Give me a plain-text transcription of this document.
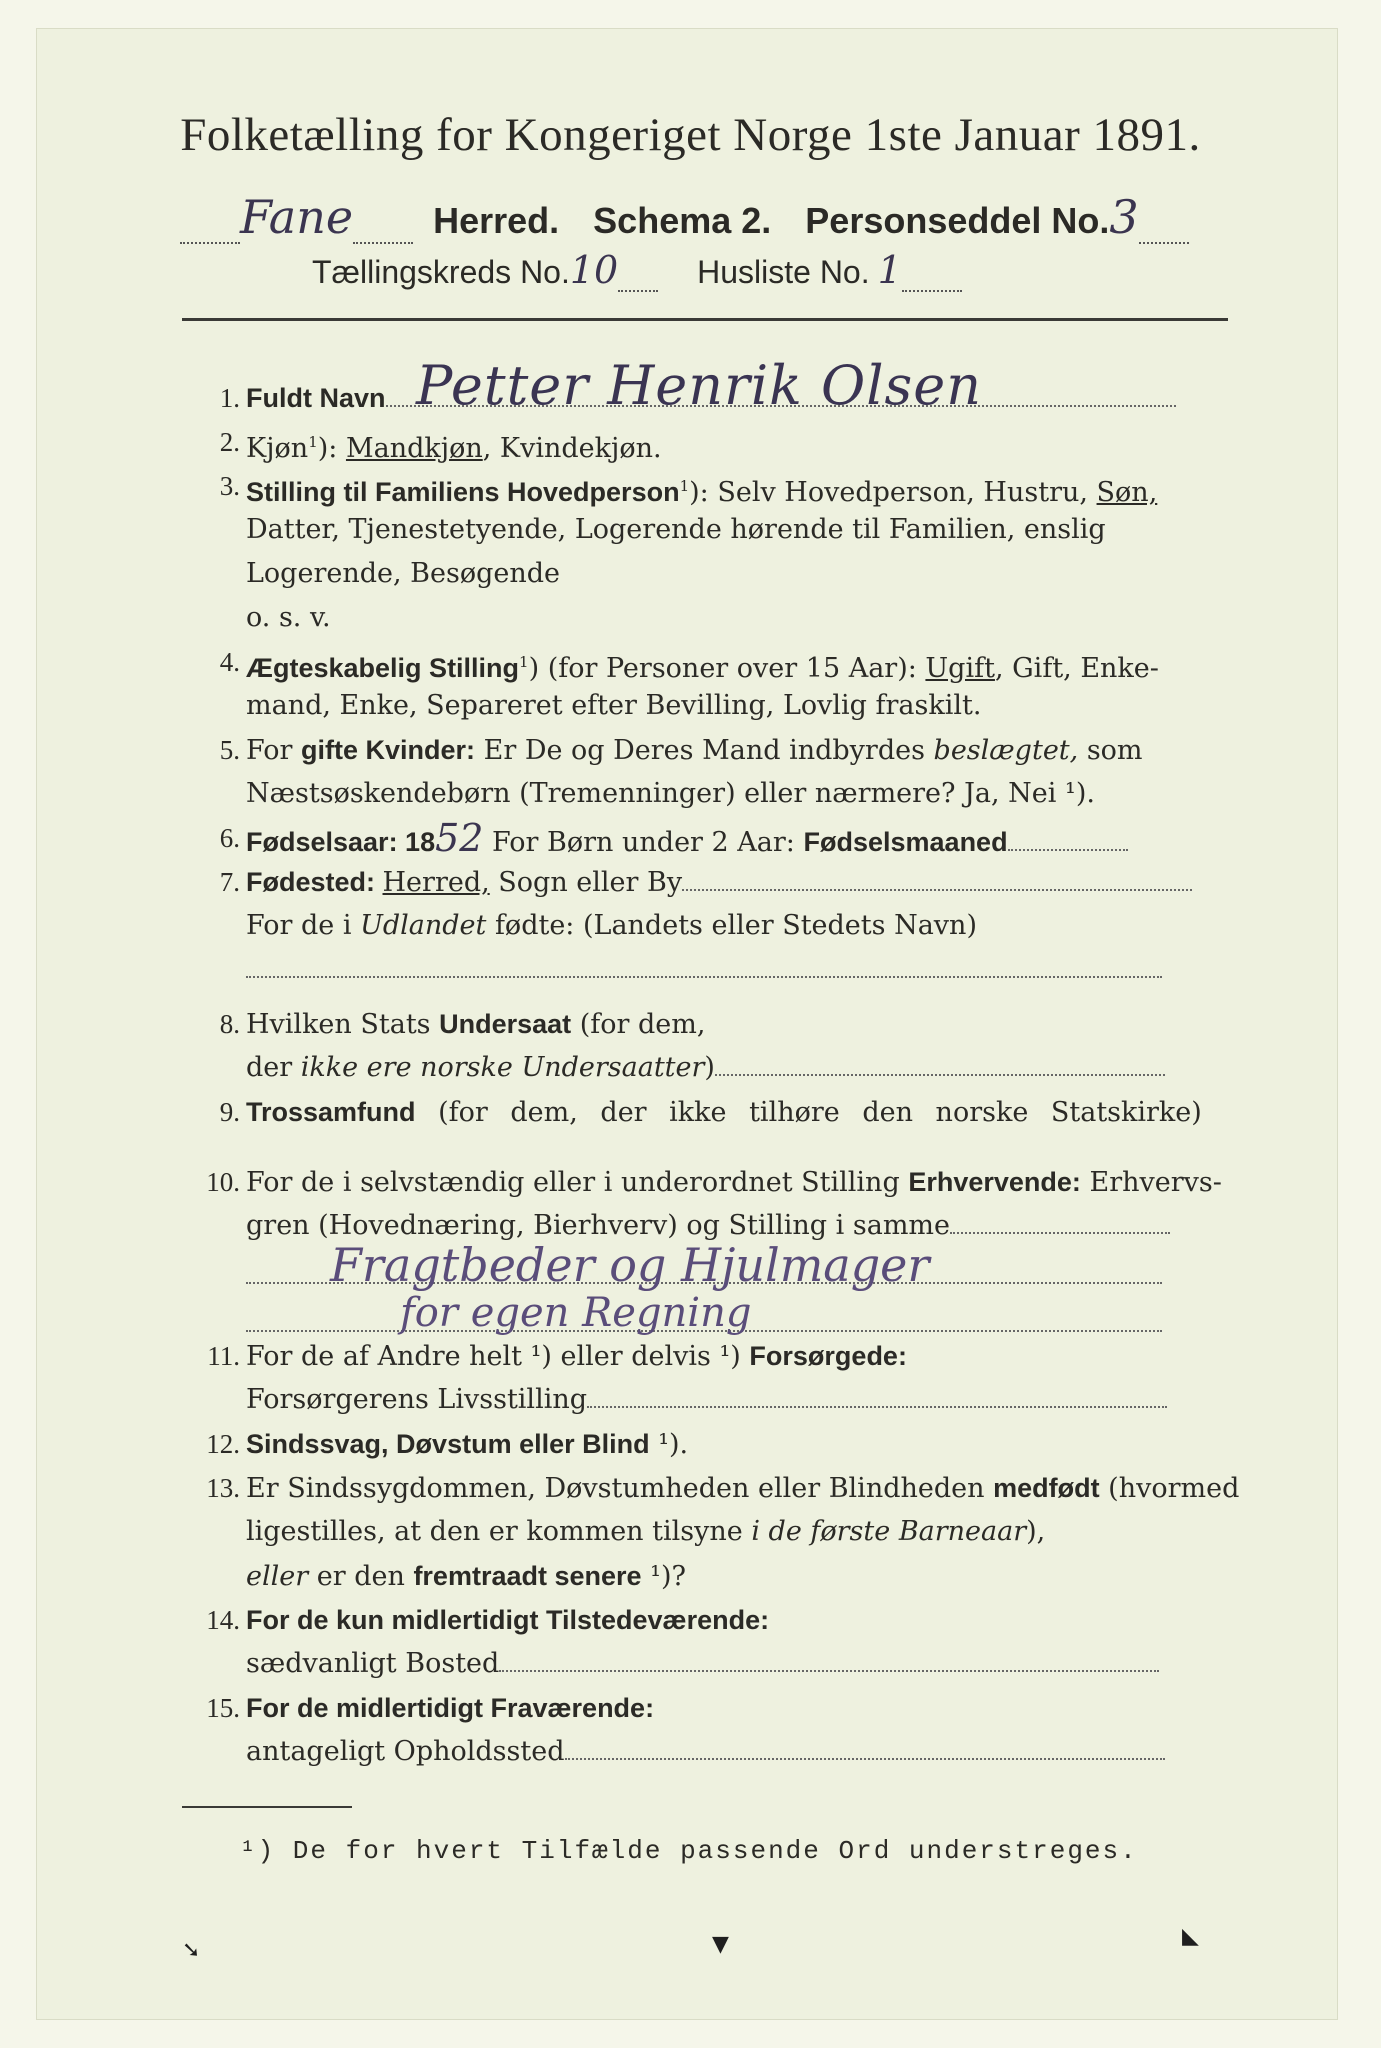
Folketælling for Kongeriget Norge 1ste Januar 1891.
Fane Herred. Schema 2. Personseddel No.3
Tællingskreds No.10 Husliste No. 1
1. Fuldt Navn Petter Henrik Olsen
2. Kjøn$^1$): Mandkjøn, Kvindekjøn.
3. Stilling til Familiens Hovedperson$^1$): Selv Hovedperson, Hustru, Søn,
Datter, Tjenestetyende, Logerende hørende til Familien, enslig
Logerende, Besøgende
o. s. v.
4. Ægteskabelig Stilling$^1$) (for Personer over 15 Aar): Ugift, Gift, Enke-
mand, Enke, Separeret efter Bevilling, Lovlig fraskilt.
5. For gifte Kvinder: Er De og Deres Mand indbyrdes beslægtet, som
Næstsøskendebørn (Tremenninger) eller nærmere? Ja, Nei ¹).
6. Fødselsaar: 1852 For Børn under 2 Aar: Fødselsmaaned
7. Fødested: Herred, Sogn eller By
For de i Udlandet fødte: (Landets eller Stedets Navn)
8. Hvilken Stats Undersaat (for dem,
der ikke ere norske Undersaatter)
9. Trossamfund (for dem, der ikke tilhøre den norske Statskirke)
10. For de i selvstændig eller i underordnet Stilling Erhvervende: Erhvervs-
gren (Hovednæring, Bierhverv) og Stilling i samme
Fragtbeder og Hjulmager
for egen Regning
11. For de af Andre helt ¹) eller delvis ¹) Forsørgede:
Forsørgerens Livsstilling
12. Sindssvag, Døvstum eller Blind ¹).
13. Er Sindssygdommen, Døvstumheden eller Blindheden medfødt (hvormed
ligestilles, at den er kommen tilsyne i de første Barneaar),
eller er den fremtraadt senere ¹)?
14. For de kun midlertidigt Tilstedeværende:
sædvanligt Bosted
15. For de midlertidigt Fraværende:
antageligt Opholdssted
¹) De for hvert Tilfælde passende Ord understreges.
➘	▼	◣
